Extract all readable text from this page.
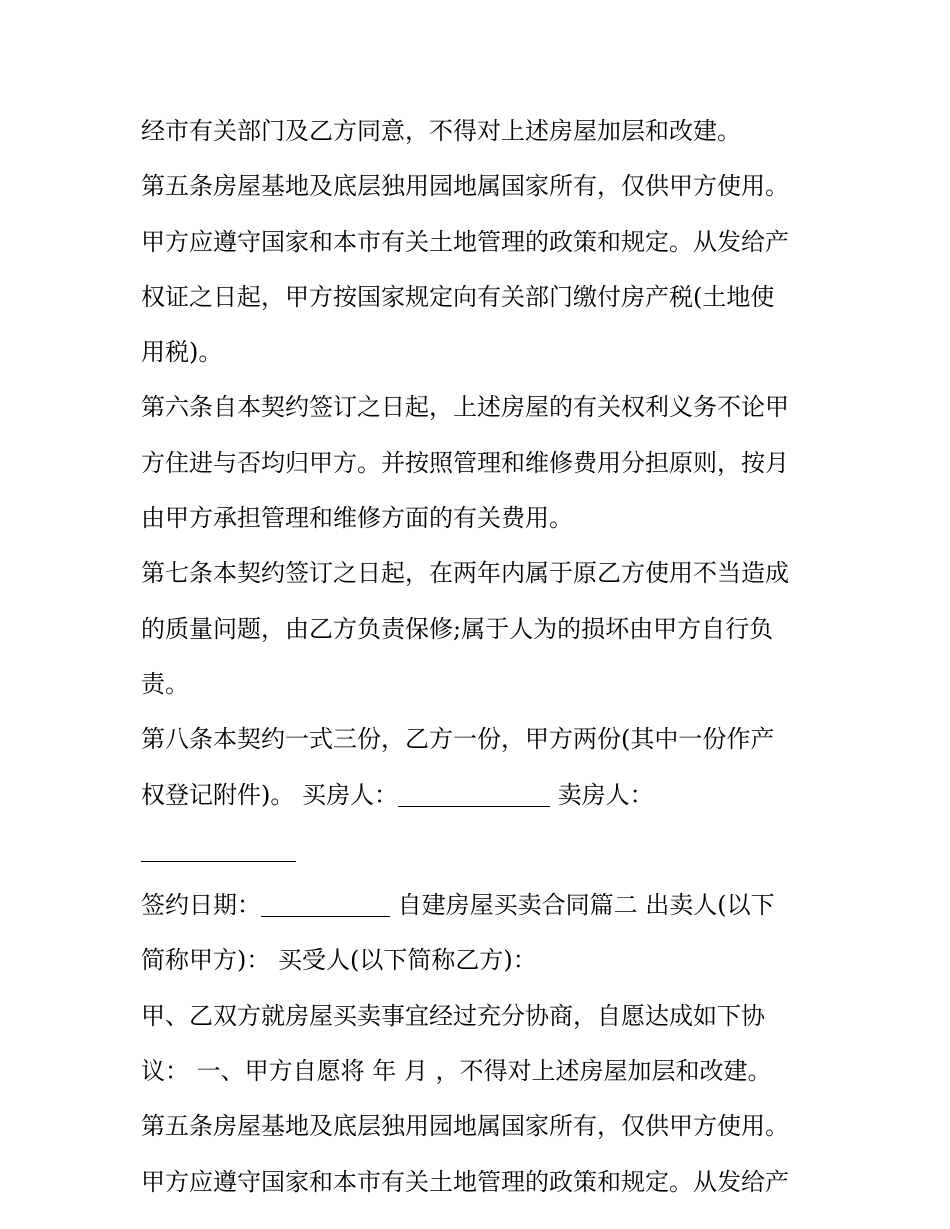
经市有关部门及乙方同意，不得对上述房屋加层和改建。
第五条房屋基地及底层独用园地属国家所有，仅供甲方使用。
甲方应遵守国家和本市有关土地管理的政策和规定。从发给产
权证之日起，甲方按国家规定向有关部门缴付房产税(土地使
用税)。
第六条自本契约签订之日起，上述房屋的有关权利义务不论甲
方住进与否均归甲方。并按照管理和维修费用分担原则，按月
由甲方承担管理和维修方面的有关费用。
第七条本契约签订之日起，在两年内属于原乙方使用不当造成
的质量问题，由乙方负责保修;属于人为的损坏由甲方自行负
责。
第八条本契约一式三份，乙方一份，甲方两份(其中一份作产
权登记附件)。 买房人：	卖房人：
签约日期：	自建房屋买卖合同篇二 出卖人(以下
简称甲方)： 买受人(以下简称乙方)：
甲、乙双方就房屋买卖事宜经过充分协商，自愿达成如下协
议： 一、甲方自愿将 年 月 ，不得对上述房屋加层和改建。
第五条房屋基地及底层独用园地属国家所有，仅供甲方使用。
甲方应遵守国家和本市有关土地管理的政策和规定。从发给产
